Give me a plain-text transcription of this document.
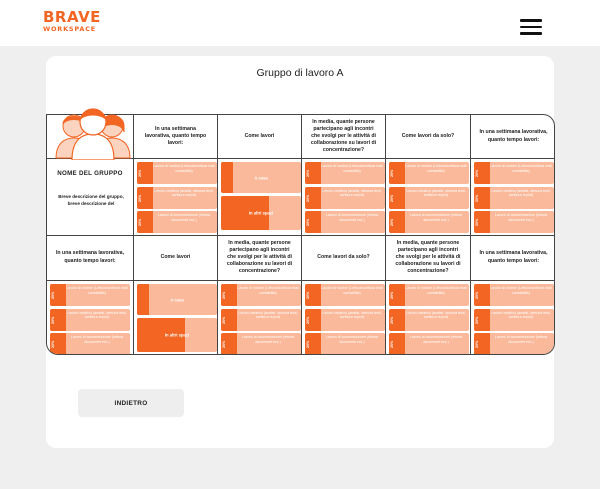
BRAVE
WORKSPACE
Gruppo di lavoro A
In una settimana lavorativa, quanto tempo lavori:
Come lavori
In media, quante persone partecipano agli incontri che svolgi per le attività di collaborazione su lavori di concentrazione?
Come lavori da solo?
In una settimana lavorativa, quanto tempo lavori:
NOME DEL GRUPPO
Breve descrizione del gruppo, breve descrizione del
20%
Lavoro di routine (Lettura/scrittura mail contabilità)
20%
Lavoro creativo (analisi, stesura testi, scrittura report)
20%
Lavoro di concentrazione (lettura documenti ecc.)
A casa
In altri spazi
20%
Lavoro di routine (Lettura/scrittura mail contabilità)
20%
Lavoro creativo (analisi, stesura testi, scrittura report)
20%
Lavoro di concentrazione (lettura documenti ecc.)
20%
Lavoro di routine (Lettura/scrittura mail contabilità)
20%
Lavoro creativo (analisi, stesura testi, scrittura report)
20%
Lavoro di concentrazione (lettura documenti ecc.)
20%
Lavoro di routine (Lettura/scrittura mail contabilità)
20%
Lavoro creativo (analisi, stesura testi, scrittura report)
20%
Lavoro di concentrazione (lettura documenti ecc.)
In una settimana lavorativa, quanto tempo lavori:
Come lavori
In media, quante persone partecipano agli incontri che svolgi per le attività di collaborazione su lavori di concentrazione?
Come lavori da solo?
In media, quante persone partecipano agli incontri che svolgi per le attività di collaborazione su lavori di concentrazione?
In una settimana lavorativa, quanto tempo lavori:
20%
Lavoro di routine (Lettura/scrittura mail contabilità)
20%
Lavoro creativo (analisi, stesura testi, scrittura report)
20%
Lavoro di concentrazione (lettura documenti ecc.)
A casa
In altri spazi
20%
Lavoro di routine (Lettura/scrittura mail contabilità)
20%
Lavoro creativo (analisi, stesura testi, scrittura report)
20%
Lavoro di concentrazione (lettura documenti ecc.)
20%
Lavoro di routine (Lettura/scrittura mail contabilità)
20%
Lavoro creativo (analisi, stesura testi, scrittura report)
20%
Lavoro di concentrazione (lettura documenti ecc.)
20%
Lavoro di routine (Lettura/scrittura mail contabilità)
20%
Lavoro creativo (analisi, stesura testi, scrittura report)
20%
Lavoro di concentrazione (lettura documenti ecc.)
20%
Lavoro di routine (Lettura/scrittura mail contabilità)
20%
Lavoro creativo (analisi, stesura testi, scrittura report)
20%
Lavoro di concentrazione (lettura documenti ecc.)
INDIETRO
